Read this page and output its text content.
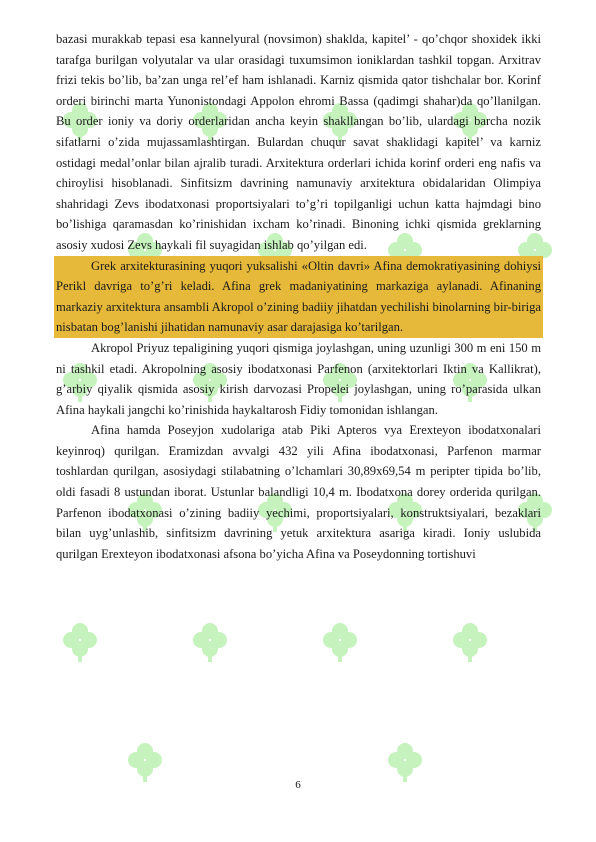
bazasi murakkab tepasi esa kannelyural (novsimon) shaklda, kapitel’ - qo’chqor shoxidek ikki tarafga burilgan volyutalar va ular orasidagi tuxumsimon ioniklardan tashkil topgan. Arxitrav frizi tekis bo’lib, ba’zan unga rel’ef ham ishlanadi. Karniz qismida qator tishchalar bor. Korinf orderi birinchi marta Yunonistondagi Appolon ehromi Bassa (qadimgi shahar)da qo’llanilgan. Bu order ioniy va doriy orderlaridan ancha keyin shakllangan bo’lib, ulardagi barcha nozik sifatlarni o’zida mujassamlashtirgan. Bulardan chuqur savat shaklidagi kapitel’ va karniz ostidagi medal’onlar bilan ajralib turadi. Arxitektura orderlari ichida korinf orderi eng nafis va chiroylisi hisoblanadi. Sinfitsizm davrining namunaviy arxitektura obidalaridan Olimpiya shahridagi Zevs ibodatxonasi proportsiyalari to’g’ri topilganligi uchun katta hajmdagi bino bo’lishiga qaramasdan ko’rinishidan ixcham ko’rinadi. Binoning ichki qismida greklarning asosiy xudosi Zevs haykali fil suyagidan ishlab qo’yilgan edi.

Grek arxitekturasining yuqori yuksalishi «Oltin davri» Afina demokratiyasining dohiysi Perikl davriga to’g’ri keladi. Afina grek madaniyatining markaziga aylanadi. Afinaning markaziy arxitektura ansambli Akropol o’zining badiiy jihatdan yechilishi binolarning bir-biriga nisbatan bog’lanishi jihatidan namunaviy asar darajasiga ko’tarilgan.

Akropol Priyuz tepaligining yuqori qismiga joylashgan, uning uzunligi 300 m eni 150 m ni tashkil etadi. Akropolning asosiy ibodatxonasi Parfenon (arxitektorlari Iktin va Kallikrat), g’arbiy qiyalik qismida asosiy kirish darvozasi Propelei joylashgan, uning ro’parasida ulkan Afina haykali jangchi ko’rinishida haykaltarosh Fidiy tomonidan ishlangan.

Afina hamda Poseyjon xudolariga atab Piki Apteros vya Erexteyon ibodatxonalari keyinroq) qurilgan. Eramizdan avvalgi 432 yili Afina ibodatxonasi, Parfenon marmar toshlardan qurilgan, asosiydagi stilabatning o’lchamlari 30,89x69,54 m peripter tipida bo’lib, oldi fasadi 8 ustundan iborat. Ustunlar balandligi 10,4 m. Ibodatxona dorey orderida qurilgan. Parfenon ibodatxonasi o’zining badiiy yechimi, proportsiyalari, konstruktsiyalari, bezaklari bilan uyg’unlashib, sinfitsizm davrining yetuk arxitektura asariga kiradi. Ioniy uslubida qurilgan Erexteyon ibodatxonasi afsona bo’yicha Afina va Poseydonning tortishuvi

6
